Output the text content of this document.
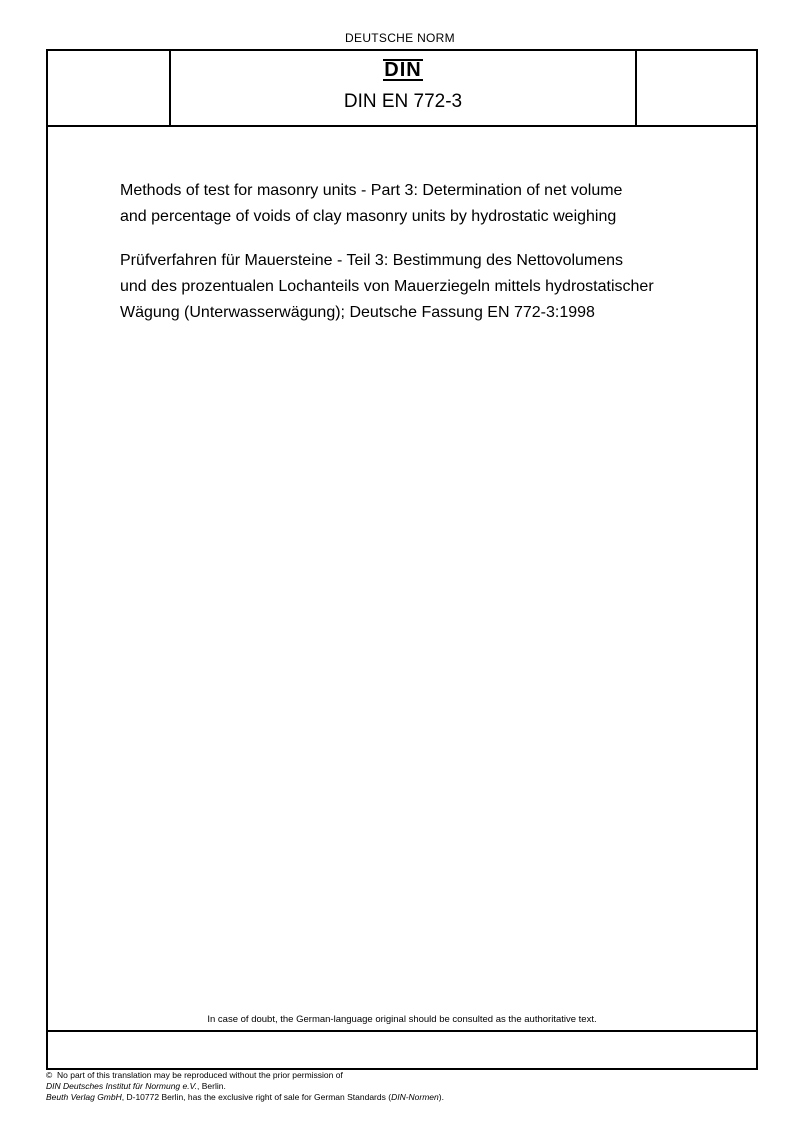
DEUTSCHE NORM
DIN
DIN EN 772-3

Methods of test for masonry units - Part 3: Determination of net volume
and percentage of voids of clay masonry units by hydrostatic weighing

Prüfverfahren für Mauersteine - Teil 3: Bestimmung des Nettovolumens
und des prozentualen Lochanteils von Mauerziegeln mittels hydrostatischer
Wägung (Unterwasserwägung); Deutsche Fassung EN 772-3:1998

In case of doubt, the German-language original should be consulted as the authoritative text.
© No part of this translation may be reproduced without the prior permission of
DIN Deutsches Institut für Normung e.V., Berlin.
Beuth Verlag GmbH, D-10772 Berlin, has the exclusive right of sale for German Standards (DIN-Normen).
